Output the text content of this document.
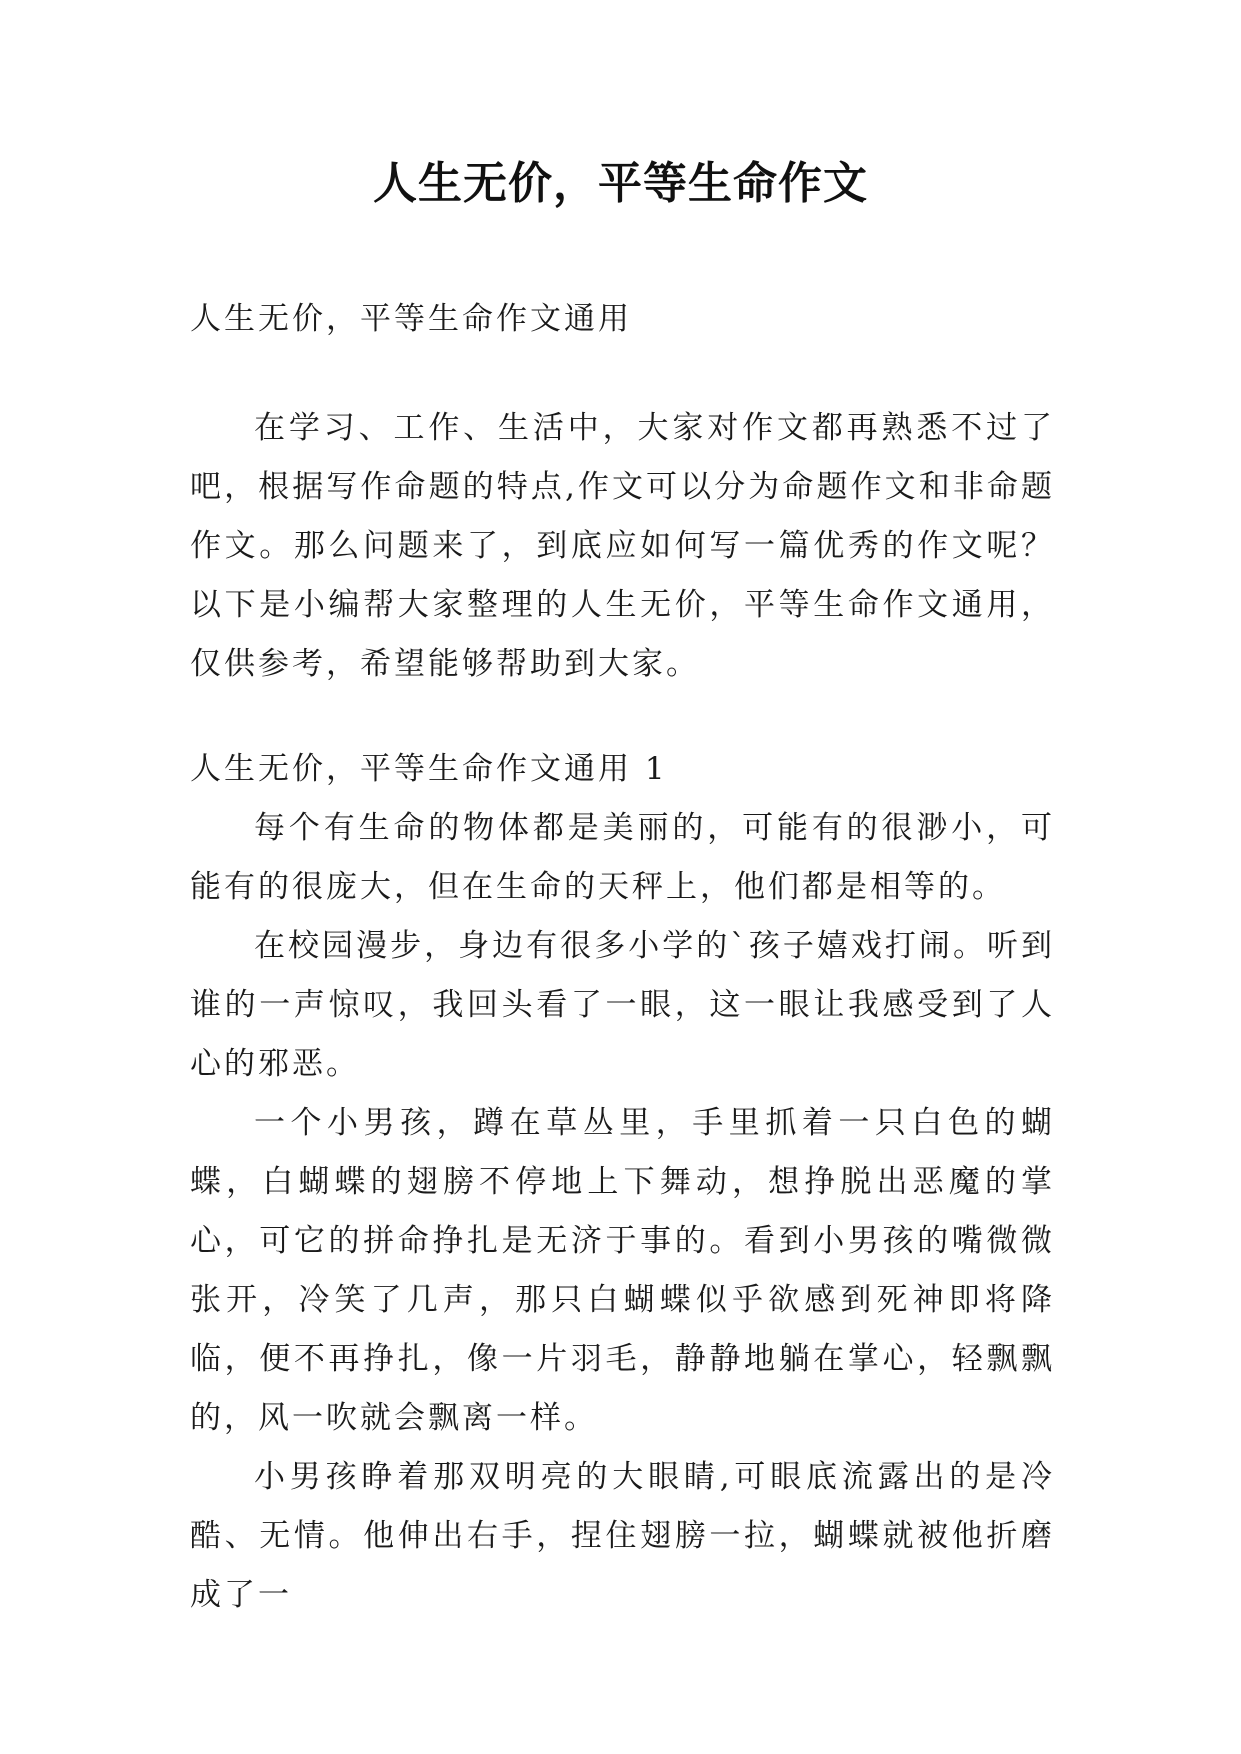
人生无价，平等生命作文

人生无价，平等生命作文通用

在学习、工作、生活中，大家对作文都再熟悉不过了吧，根据写作命题的特点,作文可以分为命题作文和非命题作文。那么问题来了，到底应如何写一篇优秀的作文呢？以下是小编帮大家整理的人生无价，平等生命作文通用，仅供参考，希望能够帮助到大家。

人生无价，平等生命作文通用 1

每个有生命的物体都是美丽的，可能有的很渺小，可能有的很庞大，但在生命的天秤上，他们都是相等的。

在校园漫步，身边有很多小学的`孩子嬉戏打闹。听到谁的一声惊叹，我回头看了一眼，这一眼让我感受到了人心的邪恶。

一个小男孩，蹲在草丛里，手里抓着一只白色的蝴蝶，白蝴蝶的翅膀不停地上下舞动，想挣脱出恶魔的掌心，可它的拼命挣扎是无济于事的。看到小男孩的嘴微微张开，冷笑了几声，那只白蝴蝶似乎欲感到死神即将降临，便不再挣扎，像一片羽毛，静静地躺在掌心，轻飘飘的，风一吹就会飘离一样。

小男孩睁着那双明亮的大眼睛,可眼底流露出的是冷酷、无情。他伸出右手，捏住翅膀一拉，蝴蝶就被他折磨成了一
